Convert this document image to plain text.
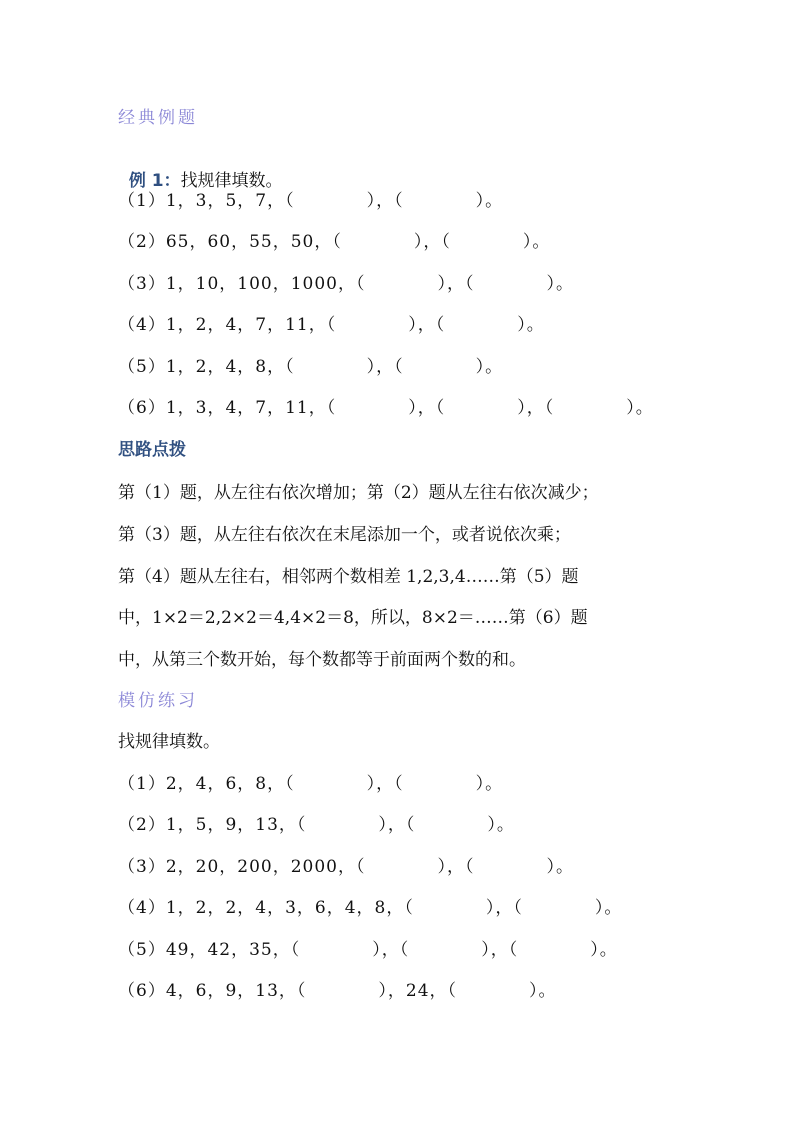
经典例题

例 1：找规律填数。

（1）1，3，5，7，（　　　　），（　　　　）。
（2）65，60，55，50，（　　　　），（　　　　）。
（3）1，10，100，1000，（　　　　），（　　　　）。
（4）1，2，4，7，11，（　　　　），（　　　　）。
（5）1，2，4，8，（　　　　），（　　　　）。
（6）1，3，4，7，11，（　　　　），（　　　　），（　　　　）。
思路点拨
第（1）题，从左往右依次增加；第（2）题从左往右依次减少；
第（3）题，从左往右依次在末尾添加一个，或者说依次乘；
第（4）题从左往右，相邻两个数相差 1,2,3,4……第（5）题
中，1×2＝2,2×2＝4,4×2＝8，所以，8×2＝……第（6）题
中，从第三个数开始，每个数都等于前面两个数的和。
模仿练习
找规律填数。
（1）2，4，6，8，（　　　　），（　　　　）。
（2）1，5，9，13，（　　　　），（　　　　）。
（3）2，20，200，2000，（　　　　），（　　　　）。
（4）1，2，2，4，3，6，4，8，（　　　　），（　　　　）。
（5）49，42，35，（　　　　），（　　　　），（　　　　）。
（6）4，6，9，13，（　　　　），24，（　　　　）。
